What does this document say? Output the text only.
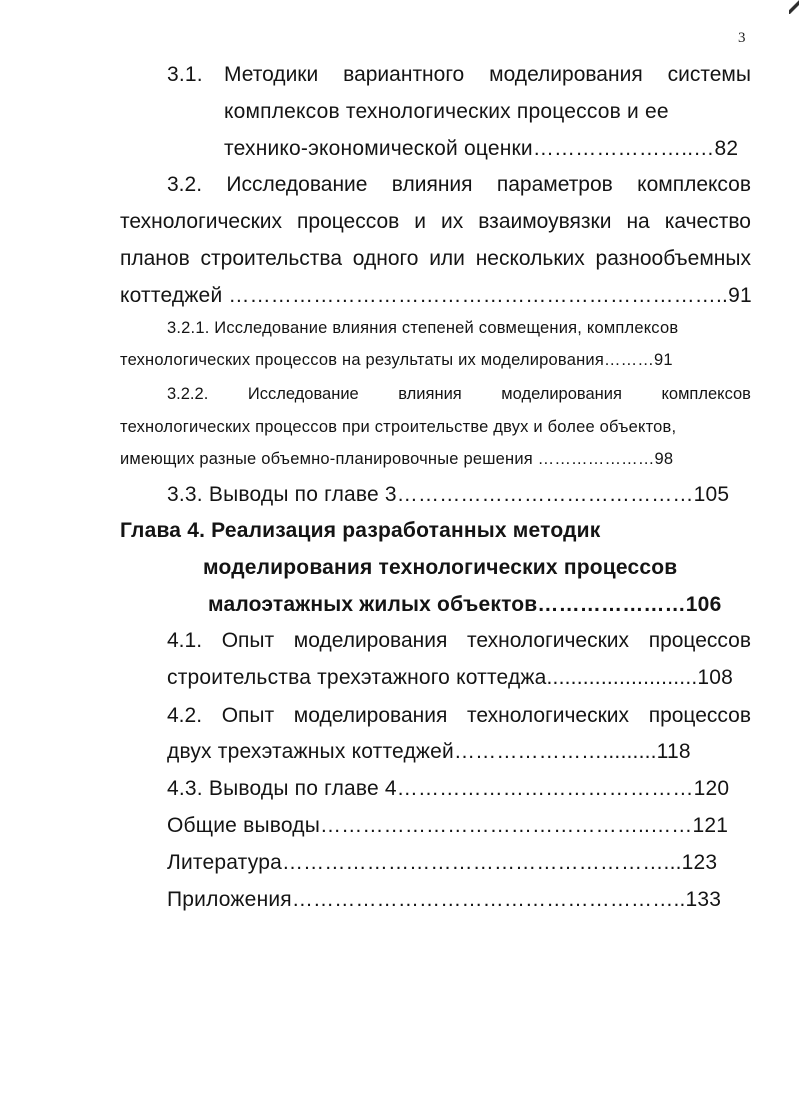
3
3.1. Методики вариантного моделирования системы
комплексов технологических процессов и ее
технико-экономической оценки…………………..…82
3.2. Исследование влияния параметров комплексов
технологических процессов и их взаимоувязки на качество
планов строительства одного или нескольких разнообъемных
коттеджей ……………………………………………………………..91
3.2.1. Исследование влияния степеней совмещения, комплексов
технологических процессов на результаты их моделирования………91
3.2.2. Исследование влияния моделирования комплексов
технологических процессов при строительстве двух и более объектов,
имеющих разные объемно-планировочные решения …………………98
3.3. Выводы по главе 3……………………………………105
Глава 4. Реализация разработанных методик
моделирования технологических процессов
малоэтажных жилых объектов…………………106
4.1. Опыт моделирования технологических процессов
строительства трехэтажного коттеджа.........................108
4.2. Опыт моделирования технологических процессов
двух трехэтажных коттеджей………………….........118
4.3. Выводы по главе 4……………………………………120
Общие выводы………………………………………..……121
Литература………………………………………………...123
Приложения………………………………………………..133
